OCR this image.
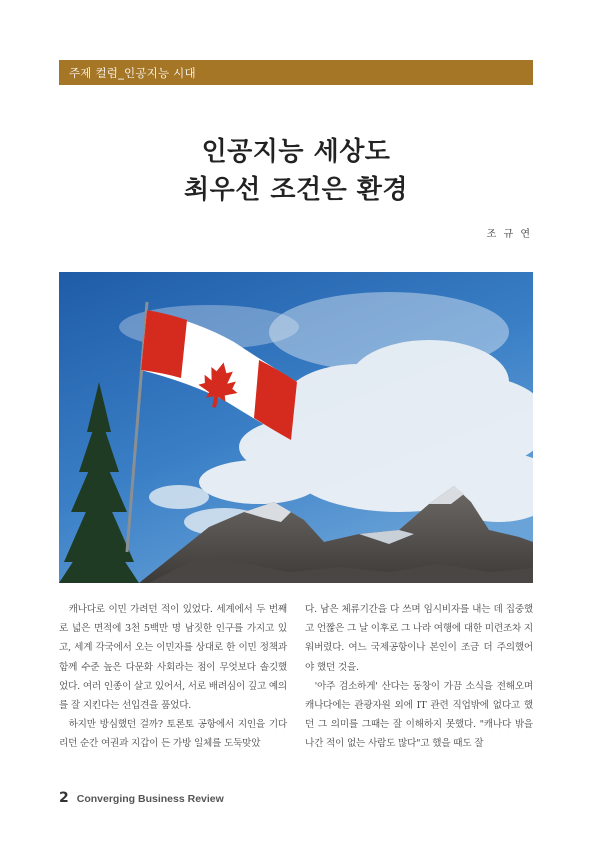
주제 컬럼_인공지능 시대
인공지능 세상도
최우선 조건은 환경
조 규 연

캐나다로 이민 가려던 적이 있었다. 세계에서 두 번째로 넓은 면적에 3천 5백만 명 남짓한 인구를 가지고 있고, 세계 각국에서 오는 이민자를 상대로 한 이민 정책과 함께 수준 높은 다문화 사회라는 점이 무엇보다 솔깃했었다. 여러 인종이 살고 있어서, 서로 배려심이 깊고 예의를 잘 지킨다는 선입견을 품었다.

하지만 방심했던 걸까? 토론토 공항에서 지인을 기다리던 순간 여권과 지갑이 든 가방 일체를 도둑맞았

다. 남은 체류기간을 다 쓰며 임시비자를 내는 데 집중했고 언짢은 그 날 이후로 그 나라 여행에 대한 미련조차 지워버렸다. 여느 국제공항이나 본인이 조금 더 주의했어야 했던 것을.

'아주 검소하게' 산다는 동창이 가끔 소식을 전해오며 캐나다에는 관광자원 외에 IT 관련 직업밖에 없다고 했던 그 의미를 그때는 잘 이해하지 못했다. "캐나다 밖을 나간 적이 없는 사람도 많다"고 했을 때도 잘

2 Converging Business Review
